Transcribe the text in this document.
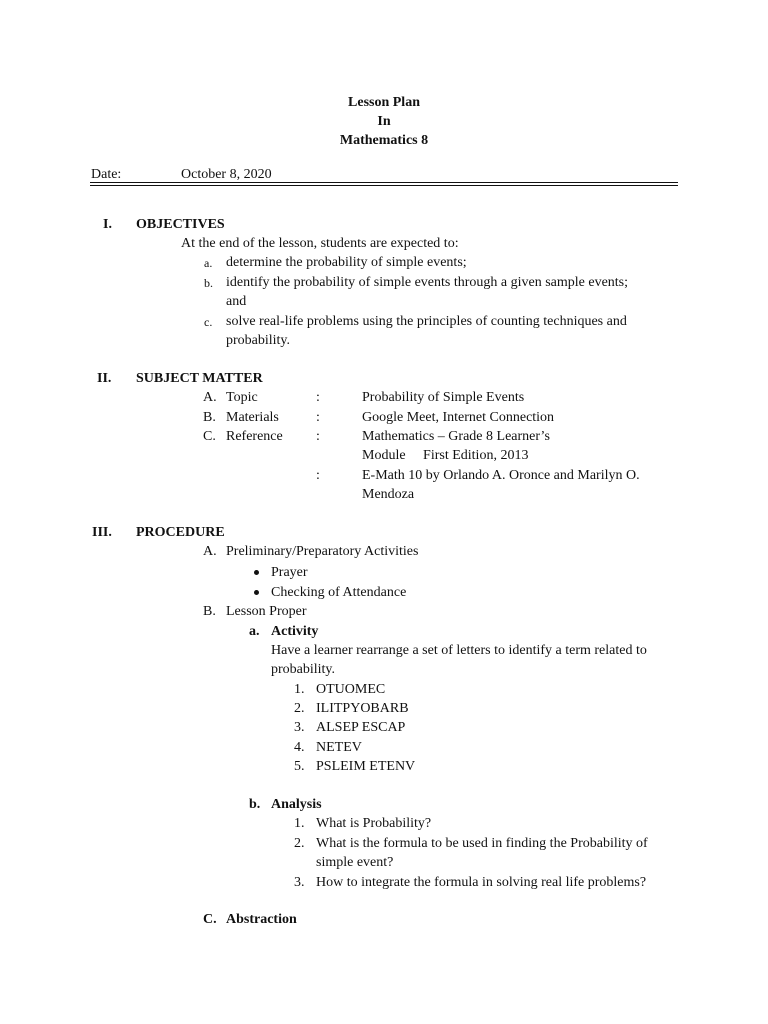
Lesson Plan
In
Mathematics 8
Date:	October 8, 2020
I. OBJECTIVES
At the end of the lesson, students are expected to:
a. determine the probability of simple events;
b. identify the probability of simple events through a given sample events;
and
c. solve real-life problems using the principles of counting techniques and
probability.
II. SUBJECT MATTER
A. Topic	:	Probability of Simple Events
B. Materials	:	Google Meet, Internet Connection
C. Reference :	Mathematics – Grade 8 Learner’s
Module     First Edition, 2013
:	E-Math 10 by Orlando A. Oronce and Marilyn O.
Mendoza
III. PROCEDURE
A. Preliminary/Preparatory Activities
Prayer
Checking of Attendance
B. Lesson Proper
a. Activity
Have a learner rearrange a set of letters to identify a term related to
probability.
1. OTUOMEC
2. ILITPYOBARB
3. ALSEP ESCAP
4. NETEV
5. PSLEIM ETENV
b. Analysis
1. What is Probability?
2. What is the formula to be used in finding the Probability of
simple event?
3. How to integrate the formula in solving real life problems?
C. Abstraction
